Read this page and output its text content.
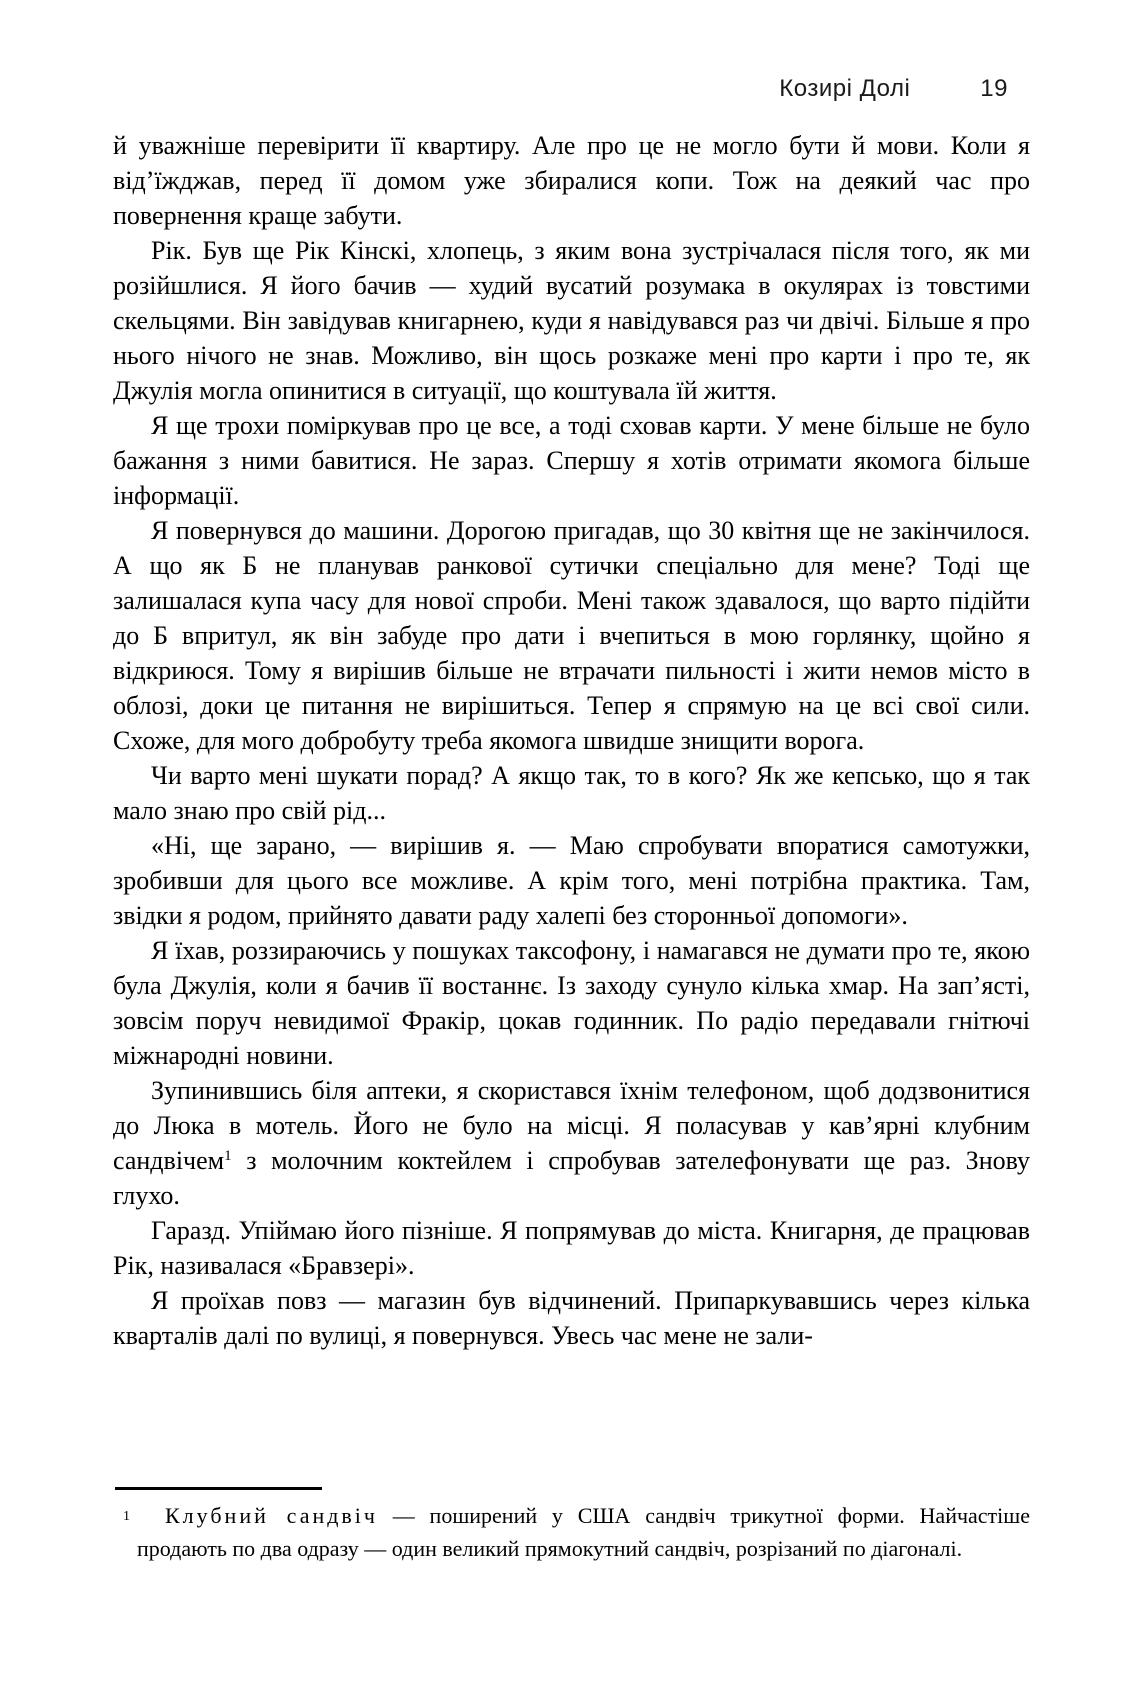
Козирі Долі	19

й уважніше перевірити її квартиру. Але про це не могло бути й мови. Коли я від’їжджав, перед її домом уже збиралися копи. Тож на деякий час про повернення краще забути.

Рік. Був ще Рік Кінскі, хлопець, з яким вона зустрічалася після того, як ми розійшлися. Я його бачив — худий вусатий розумака в окулярах із товстими скельцями. Він завідував книгарнею, куди я навідувався раз чи двічі. Більше я про нього нічого не знав. Можливо, він щось розкаже мені про карти і про те, як Джулія могла опинитися в ситуації, що коштувала їй життя.

Я ще трохи поміркував про це все, а тоді сховав карти. У мене більше не було бажання з ними бавитися. Не зараз. Спершу я хотів отримати якомога більше інформації.

Я повернувся до машини. Дорогою пригадав, що 30 квітня ще не закінчилося. А що як Б не планував ранкової сутички спеціально для мене? Тоді ще залишалася купа часу для нової спроби. Мені також здавалося, що варто підійти до Б впритул, як він забуде про дати і вчепиться в мою горлянку, щойно я відкриюся. Тому я вирішив більше не втрачати пильності і жити немов місто в облозі, доки це питання не вирішиться. Тепер я спрямую на це всі свої сили. Схоже, для мого добробуту треба якомога швидше знищити ворога.

Чи варто мені шукати порад? А якщо так, то в кого? Як же кепсько, що я так мало знаю про свій рід...

«Ні, ще зарано, — вирішив я. — Маю спробувати впоратися самотужки, зробивши для цього все можливе. А крім того, мені потрібна практика. Там, звідки я родом, прийнято давати раду халепі без сторонньої допомоги».

Я їхав, роззираючись у пошуках таксофону, і намагався не думати про те, якою була Джулія, коли я бачив її востаннє. Із заходу сунуло кілька хмар. На зап’ясті, зовсім поруч невидимої Фракір, цокав годинник. По радіо передавали гнітючі міжнародні новини.

Зупинившись біля аптеки, я скористався їхнім телефоном, щоб додзвонитися до Люка в мотель. Його не було на місці. Я поласував у кав’ярні клубним сандвічем$^1$ з молочним коктейлем і спробував зателефонувати ще раз. Знову глухо.

Гаразд. Упіймаю його пізніше. Я попрямував до міста. Книгарня, де працював Рік, називалася «Бравзері».

Я проїхав повз — магазин був відчинений. Припаркувавшись через кілька кварталів далі по вулиці, я повернувся. Увесь час мене не зали-

1 Клубний сандвіч — поширений у США сандвіч трикутної форми. Найчастіше продають по два одразу — один великий прямокутний сандвіч, розрізаний по діагоналі.
